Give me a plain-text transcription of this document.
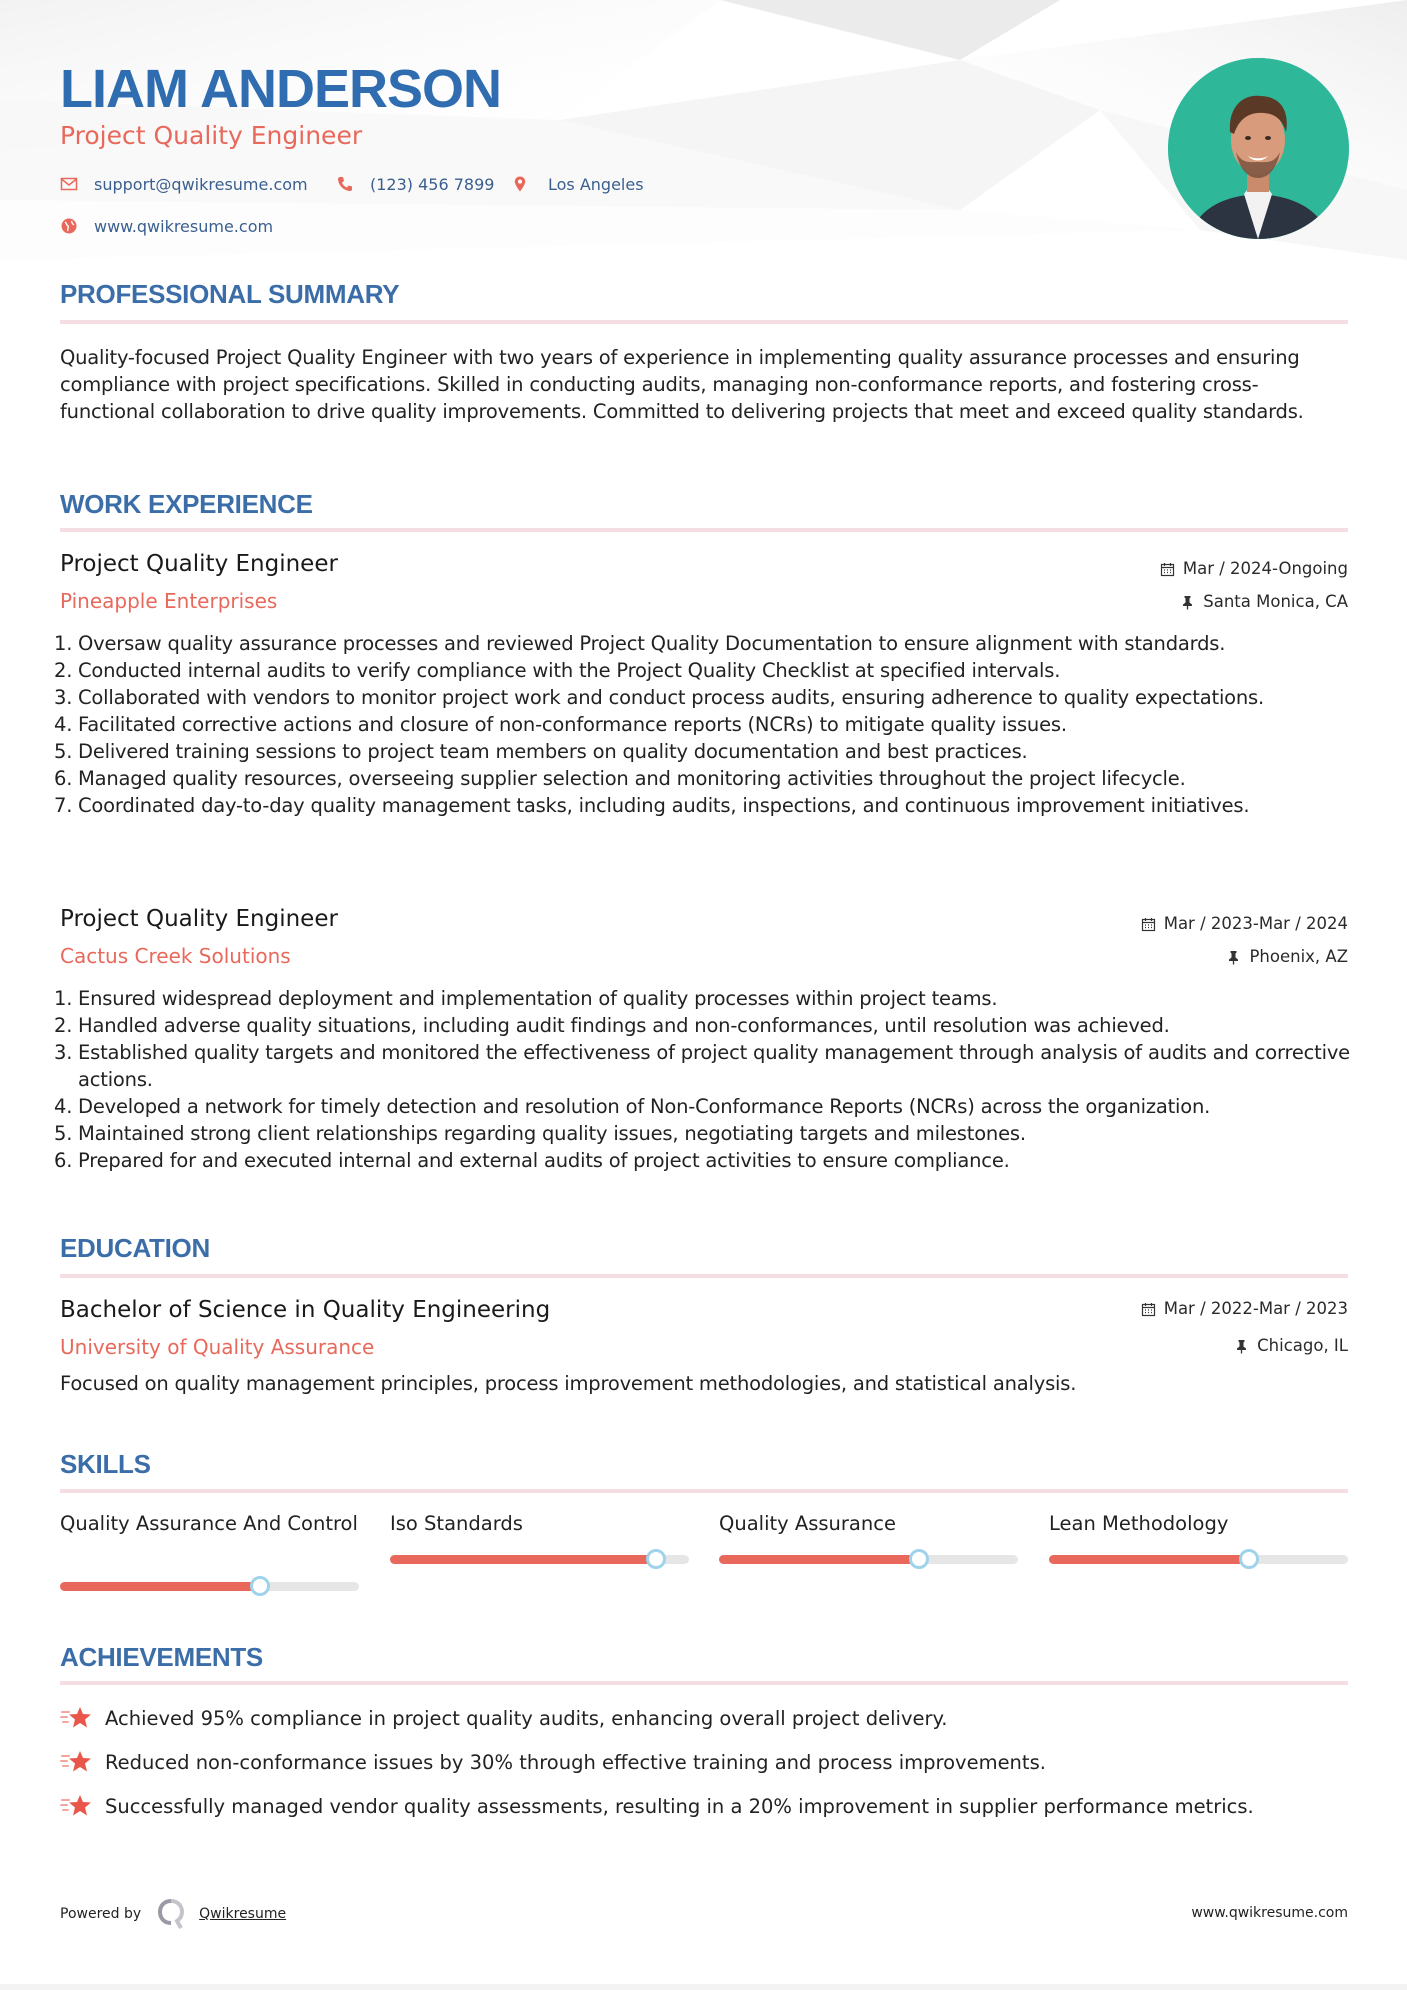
LIAM ANDERSON
Project Quality Engineer
support@qwikresume.com	(123) 456 7899	Los Angeles
www.qwikresume.com
PROFESSIONAL SUMMARY
Quality-focused Project Quality Engineer with two years of experience in implementing quality assurance processes and ensuring compliance with project specifications. Skilled in conducting audits, managing non-conformance reports, and fostering cross-functional collaboration to drive quality improvements. Committed to delivering projects that meet and exceed quality standards.
WORK EXPERIENCE
Project Quality Engineer
Pineapple Enterprises
Mar / 2024-Ongoing
Santa Monica, CA
1. Oversaw quality assurance processes and reviewed Project Quality Documentation to ensure alignment with standards.
2. Conducted internal audits to verify compliance with the Project Quality Checklist at specified intervals.
3. Collaborated with vendors to monitor project work and conduct process audits, ensuring adherence to quality expectations.
4. Facilitated corrective actions and closure of non-conformance reports (NCRs) to mitigate quality issues.
5. Delivered training sessions to project team members on quality documentation and best practices.
6. Managed quality resources, overseeing supplier selection and monitoring activities throughout the project lifecycle.
7. Coordinated day-to-day quality management tasks, including audits, inspections, and continuous improvement initiatives.
Project Quality Engineer
Cactus Creek Solutions
Mar / 2023-Mar / 2024
Phoenix, AZ
1. Ensured widespread deployment and implementation of quality processes within project teams.
2. Handled adverse quality situations, including audit findings and non-conformances, until resolution was achieved.
3. Established quality targets and monitored the effectiveness of project quality management through analysis of audits and corrective actions.
4. Developed a network for timely detection and resolution of Non-Conformance Reports (NCRs) across the organization.
5. Maintained strong client relationships regarding quality issues, negotiating targets and milestones.
6. Prepared for and executed internal and external audits of project activities to ensure compliance.
EDUCATION
Bachelor of Science in Quality Engineering
University of Quality Assurance
Mar / 2022-Mar / 2023
Chicago, IL
Focused on quality management principles, process improvement methodologies, and statistical analysis.
SKILLS
Quality Assurance And Control Iso Standards	Quality Assurance	Lean Methodology
ACHIEVEMENTS
Achieved 95% compliance in project quality audits, enhancing overall project delivery.
Reduced non-conformance issues by 30% through effective training and process improvements.
Successfully managed vendor quality assessments, resulting in a 20% improvement in supplier performance metrics.
Powered by	Qwikresume	www.qwikresume.com
